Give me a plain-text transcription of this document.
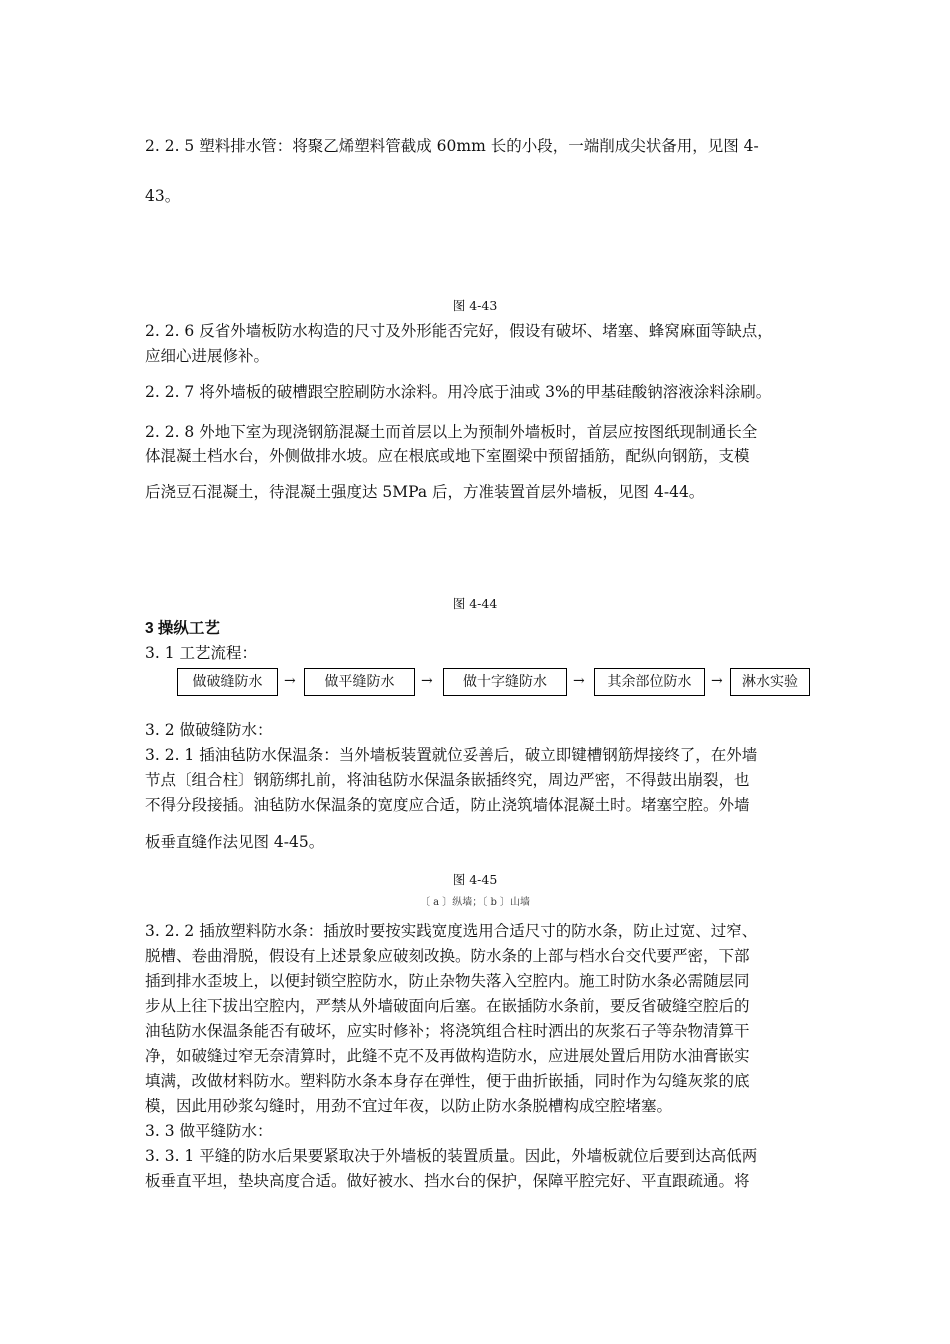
2. 2. 5 塑料排水管：将聚乙烯塑料管截成 60mm 长的小段，一端削成尖状备用，见图 4-
43。
图 4-43
2. 2. 6 反省外墙板防水构造的尺寸及外形能否完好，假设有破坏、堵塞、蜂窝麻面等缺点，
应细心进展修补。
2. 2. 7 将外墙板的破槽跟空腔刷防水涂料。用冷底于油或 3%的甲基硅酸钠溶液涂料涂刷。
2. 2. 8 外地下室为现浇钢筋混凝土而首层以上为预制外墙板时，首层应按图纸现制通长全
体混凝土档水台，外侧做排水坡。应在根底或地下室圈梁中预留插筋，配纵向钢筋，支模
后浇豆石混凝土，待混凝土强度达 5MPa 后，方准装置首层外墙板，见图 4-44。
图 4-44
3 操纵工艺
3. 1 工艺流程：
做破缝防水	→	做平缝防水	→	做十字缝防水	→	其余部位防水	→	淋水实验
3. 2 做破缝防水：
3. 2. 1 插油毡防水保温条：当外墙板装置就位妥善后，破立即键槽钢筋焊接终了，在外墙
节点〔组合柱〕钢筋绑扎前，将油毡防水保温条嵌插终究，周边严密，不得鼓出崩裂，也
不得分段接插。油毡防水保温条的宽度应合适，防止浇筑墙体混凝土时。堵塞空腔。外墙
板垂直缝作法见图 4-45。
图 4-45
〔 a 〕纵墙；〔 b 〕山墙
3. 2. 2 插放塑料防水条：插放时要按实践宽度选用合适尺寸的防水条，防止过宽、过窄、
脱槽、卷曲滑脱，假设有上述景象应破刻改换。防水条的上部与档水台交代要严密，下部
插到排水歪坡上，以便封锁空腔防水，防止杂物失落入空腔内。施工时防水条必需随层同
步从上往下拔出空腔内，严禁从外墙破面向后塞。在嵌插防水条前，要反省破缝空腔后的
油毡防水保温条能否有破坏，应实时修补；将浇筑组合柱时洒出的灰浆石子等杂物清算干
净，如破缝过窄无奈清算时，此缝不克不及再做构造防水，应进展处置后用防水油膏嵌实
填满，改做材料防水。塑料防水条本身存在弹性，便于曲折嵌插，同时作为勾缝灰浆的底
模，因此用砂浆勾缝时，用劲不宜过年夜，以防止防水条脱槽构成空腔堵塞。
3. 3 做平缝防水：
3. 3. 1 平缝的防水后果要紧取决于外墙板的装置质量。因此，外墙板就位后要到达高低两
板垂直平坦，垫块高度合适。做好被水、挡水台的保护，保障平腔完好、平直跟疏通。将
